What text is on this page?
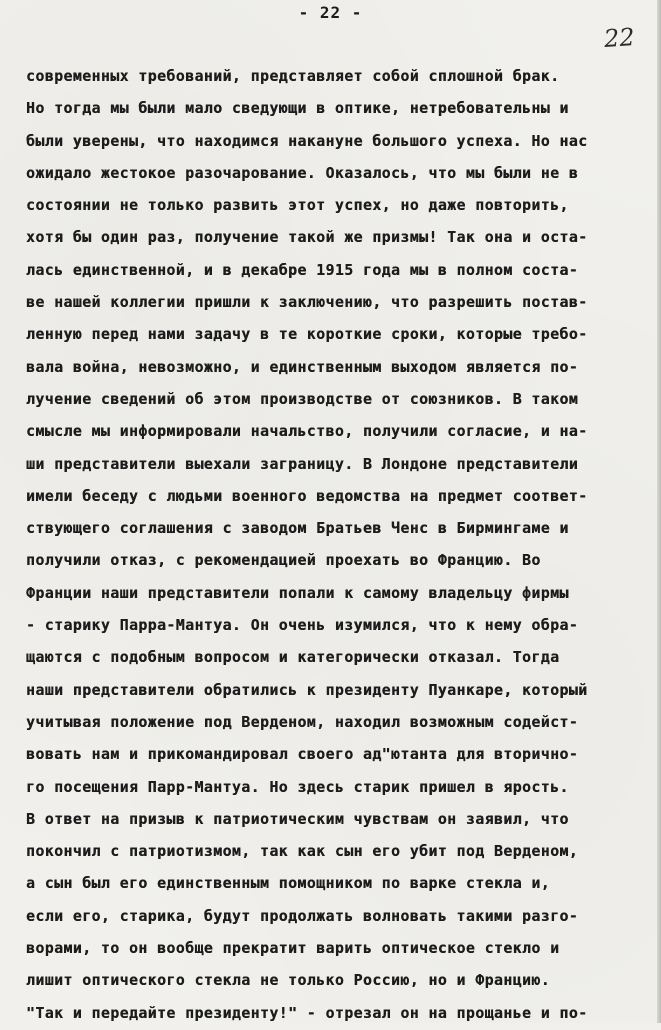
- 22 -
22
современных требований, представляет собой сплошной брак.
Но тогда мы были мало сведующи в оптике, нетребовательны и
были уверены, что находимся накануне большого успеха. Но нас
ожидало жестокое разочарование. Оказалось, что мы были не в
состоянии не только развить этот успех, но даже повторить,
хотя бы один раз, получение такой же призмы! Так она и оста-
лась единственной, и в декабре 1915 года мы в полном соста-
ве нашей коллегии пришли к заключению, что разрешить постав-
ленную перед нами задачу в те короткие сроки, которые требо-
вала война, невозможно, и единственным выходом является по-
лучение сведений об этом производстве от союзников. В таком
смысле мы информировали начальство, получили согласие, и на-
ши представители выехали заграницу. В Лондоне представители
имели беседу с людьми военного ведомства на предмет соответ-
ствующего соглашения с заводом Братьев Ченс в Бирмингаме и
получили отказ, с рекомендацией проехать во Францию. Во
Франции наши представители попали к самому владельцу фирмы
- старику Парра-Мантуа. Он очень изумился, что к нему обра-
щаются с подобным вопросом и категорически отказал. Тогда
наши представители обратились к президенту Пуанкаре, который
учитывая положение под Верденом, находил возможным содейст-
вовать нам и прикомандировал своего ад"ютанта для вторично-
го посещения Парр-Мантуа. Но здесь старик пришел в ярость.
В ответ на призыв к патриотическим чувствам он заявил, что
покончил с патриотизмом, так как сын его убит под Верденом,
а сын был его единственным помощником по варке стекла и,
если его, старика, будут продолжать волновать такими разго-
ворами, то он вообще прекратит варить оптическое стекло и
лишит оптического стекла не только Россию, но и Францию.
"Так и передайте президенту!" - отрезал он на прощанье и по-
